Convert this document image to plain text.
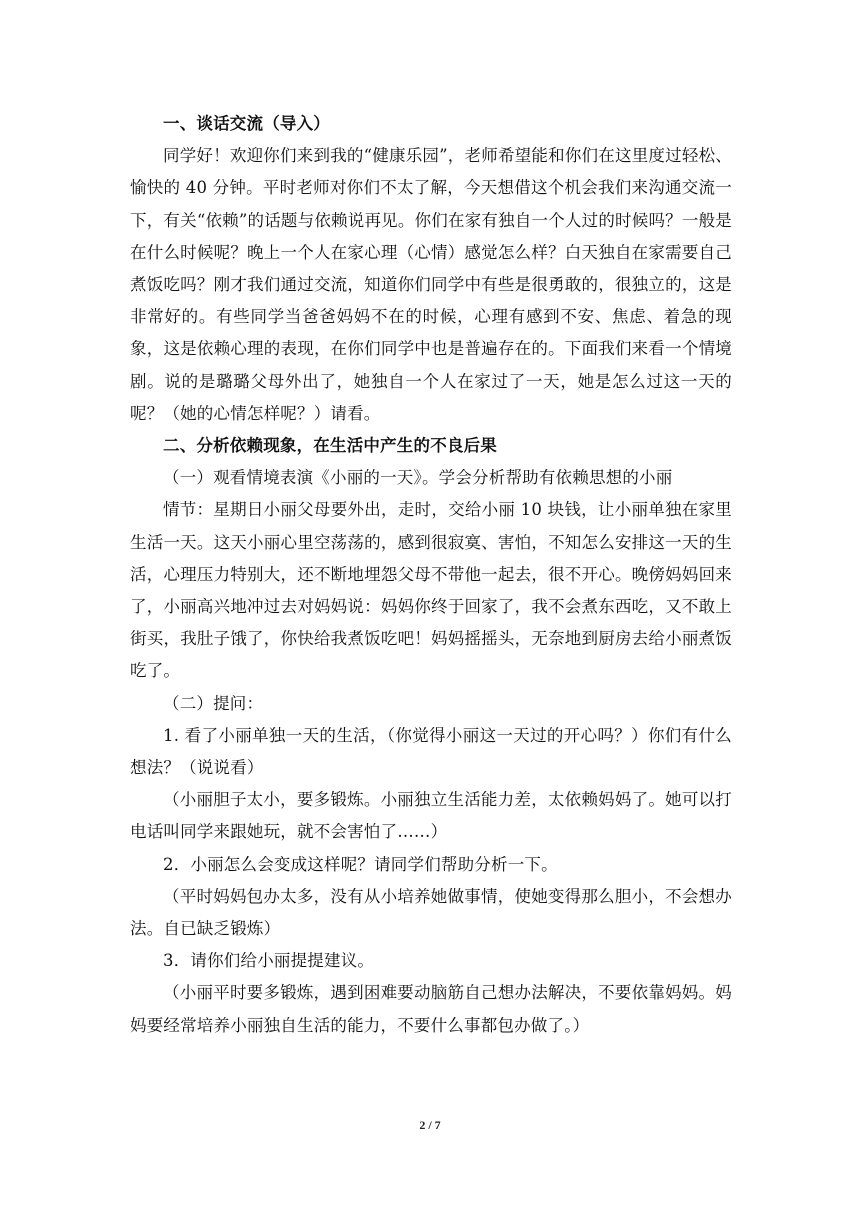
一、谈话交流（导入）

同学好！欢迎你们来到我的“健康乐园”，老师希望能和你们在这里度过轻松、愉快的 40 分钟。平时老师对你们不太了解，今天想借这个机会我们来沟通交流一下，有关“依赖”的话题与依赖说再见。你们在家有独自一个人过的时候吗？一般是在什么时候呢？晚上一个人在家心理（心情）感觉怎么样？白天独自在家需要自己煮饭吃吗？刚才我们通过交流，知道你们同学中有些是很勇敢的，很独立的，这是非常好的。有些同学当爸爸妈妈不在的时候，心理有感到不安、焦虑、着急的现象，这是依赖心理的表现，在你们同学中也是普遍存在的。下面我们来看一个情境剧。说的是璐璐父母外出了，她独自一个人在家过了一天，她是怎么过这一天的呢？（她的心情怎样呢？）请看。

二、分析依赖现象，在生活中产生的不良后果

（一）观看情境表演《小丽的一天》。学会分析帮助有依赖思想的小丽

情节：星期日小丽父母要外出，走时，交给小丽 10 块钱，让小丽单独在家里生活一天。这天小丽心里空荡荡的，感到很寂寞、害怕，不知怎么安排这一天的生活，心理压力特别大，还不断地埋怨父母不带他一起去，很不开心。晚傍妈妈回来了，小丽高兴地冲过去对妈妈说：妈妈你终于回家了，我不会煮东西吃，又不敢上街买，我肚子饿了，你快给我煮饭吃吧！妈妈摇摇头，无奈地到厨房去给小丽煮饭吃了。

（二）提问：

1. 看了小丽单独一天的生活，（你觉得小丽这一天过的开心吗？）你们有什么想法？（说说看）

（小丽胆子太小，要多锻炼。小丽独立生活能力差，太依赖妈妈了。她可以打电话叫同学来跟她玩，就不会害怕了……）

2．小丽怎么会变成这样呢？请同学们帮助分析一下。

（平时妈妈包办太多，没有从小培养她做事情，使她变得那么胆小，不会想办法。自已缺乏锻炼）

3．请你们给小丽提提建议。

（小丽平时要多锻炼，遇到困难要动脑筋自己想办法解决，不要依靠妈妈。妈妈要经常培养小丽独自生活的能力，不要什么事都包办做了。）

2 / 7
